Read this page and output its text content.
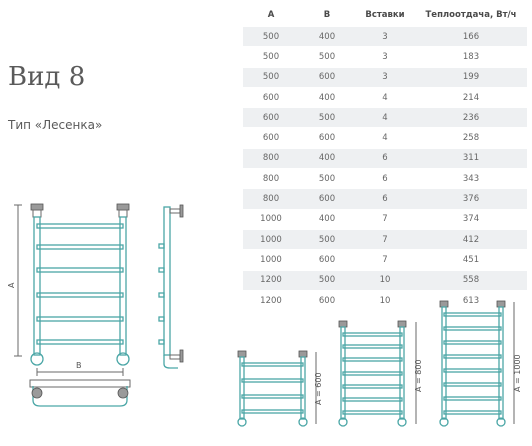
Вид 8
Тип «Лесенка»
А	В	Вставки	Теплоотдача, Вт/ч
500	400	3	166
500	500	3	183
500	600	3	199
600	400	4	214
600	500	4	236
600	600	4	258
800	400	6	311
800	500	6	343
800	600	6	376
1000	400	7	374
1000	500	7	412
1000	600	7	451
1200	500	10	558
1200	600	10	613
A
B
A = 600	A = 800	A = 1000
